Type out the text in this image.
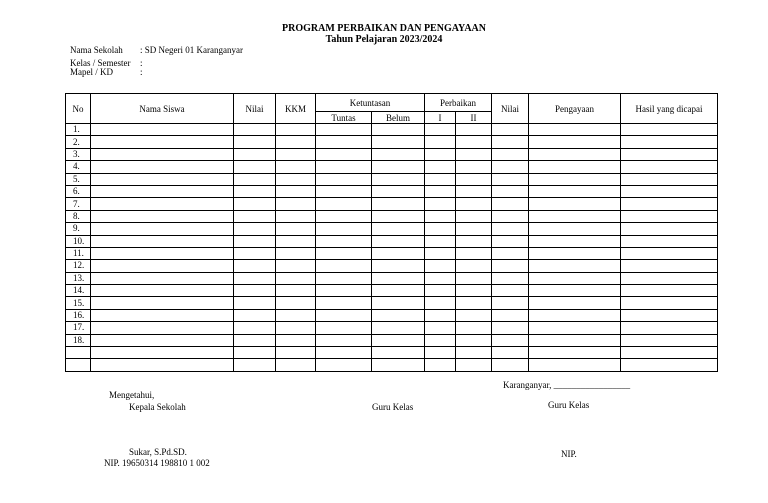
PROGRAM PERBAIKAN DAN PENGAYAAN
Tahun Pelajaran 2023/2024
Nama Sekolah	: SD Negeri 01 Karanganyar
Kelas / Semester	:
Mapel / KD	:
No	Nama Siswa	Nilai	KKM	Ketuntasan		Perbaikan		Nilai	Pengayaan	Hasil yang dicapai
				Tuntas	Belum	I	II			
1.										
2.										
3.										
4.										
5.										
6.										
7.										
8.										
9.										
10.										
11.										
12.										
13.										
14.										
15.										
16.										
17.										
18.										

Karanganyar, _________________
Mengetahui,
Kepala Sekolah	Guru Kelas	Guru Kelas
Sukar, S.Pd.SD.
NIP. 19650314 198810 1 002
NIP.
